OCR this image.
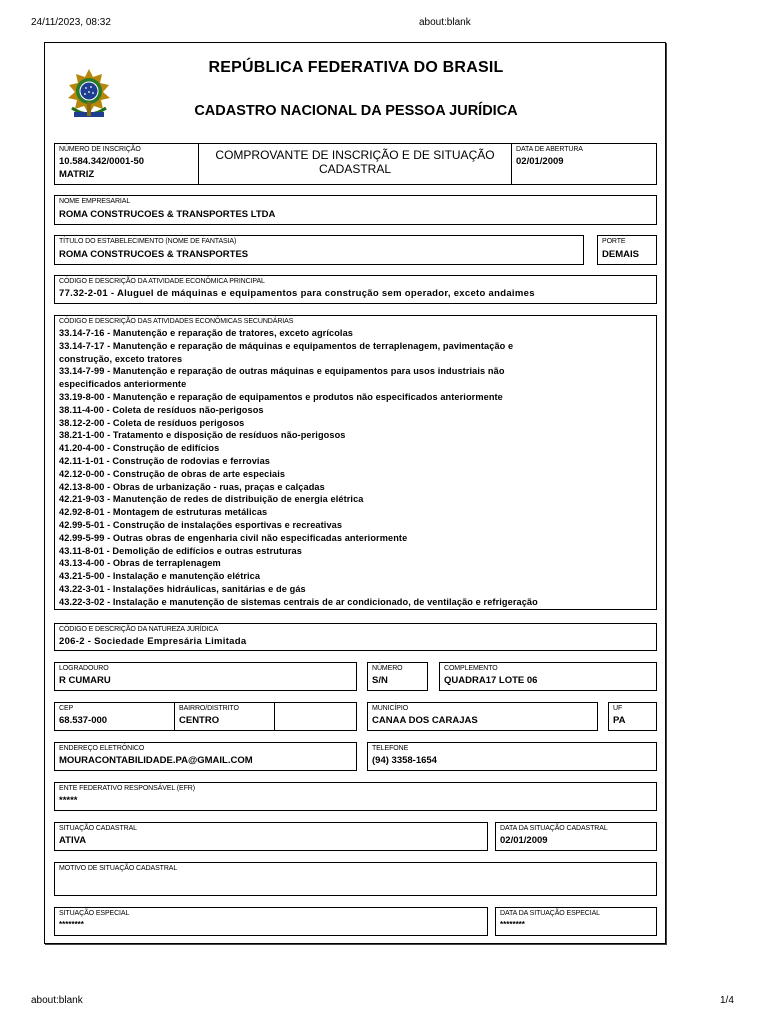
24/11/2023, 08:32	about:blank
REPÚBLICA FEDERATIVA DO BRASIL
CADASTRO NACIONAL DA PESSOA JURÍDICA
NÚMERO DE INSCRIÇÃO
10.584.342/0001-50
MATRIZ
COMPROVANTE DE INSCRIÇÃO E DE SITUAÇÃO CADASTRAL
DATA DE ABERTURA
02/01/2009
NOME EMPRESARIAL
ROMA CONSTRUCOES & TRANSPORTES LTDA
TÍTULO DO ESTABELECIMENTO (NOME DE FANTASIA)
ROMA CONSTRUCOES & TRANSPORTES
PORTE
DEMAIS
CÓDIGO E DESCRIÇÃO DA ATIVIDADE ECONÔMICA PRINCIPAL
77.32-2-01 - Aluguel de máquinas e equipamentos para construção sem operador, exceto andaimes
CÓDIGO E DESCRIÇÃO DAS ATIVIDADES ECONÔMICAS SECUNDÁRIAS
33.14-7-16 - Manutenção e reparação de tratores, exceto agrícolas
33.14-7-17 - Manutenção e reparação de máquinas e equipamentos de terraplenagem, pavimentação e
construção, exceto tratores
33.14-7-99 - Manutenção e reparação de outras máquinas e equipamentos para usos industriais não
especificados anteriormente
33.19-8-00 - Manutenção e reparação de equipamentos e produtos não especificados anteriormente
38.11-4-00 - Coleta de resíduos não-perigosos
38.12-2-00 - Coleta de resíduos perigosos
38.21-1-00 - Tratamento e disposição de resíduos não-perigosos
41.20-4-00 - Construção de edifícios
42.11-1-01 - Construção de rodovias e ferrovias
42.12-0-00 - Construção de obras de arte especiais
42.13-8-00 - Obras de urbanização - ruas, praças e calçadas
42.21-9-03 - Manutenção de redes de distribuição de energia elétrica
42.92-8-01 - Montagem de estruturas metálicas
42.99-5-01 - Construção de instalações esportivas e recreativas
42.99-5-99 - Outras obras de engenharia civil não especificadas anteriormente
43.11-8-01 - Demolição de edifícios e outras estruturas
43.13-4-00 - Obras de terraplenagem
43.21-5-00 - Instalação e manutenção elétrica
43.22-3-01 - Instalações hidráulicas, sanitárias e de gás
43.22-3-02 - Instalação e manutenção de sistemas centrais de ar condicionado, de ventilação e refrigeração
CÓDIGO E DESCRIÇÃO DA NATUREZA JURÍDICA
206-2 - Sociedade Empresária Limitada
LOGRADOURO
R CUMARU
NÚMERO
S/N
COMPLEMENTO
QUADRA17 LOTE 06
CEP
68.537-000
BAIRRO/DISTRITO
CENTRO
MUNICÍPIO
CANAA DOS CARAJAS
UF
PA
ENDEREÇO ELETRÔNICO
MOURACONTABILIDADE.PA@GMAIL.COM
TELEFONE
(94) 3358-1654
ENTE FEDERATIVO RESPONSÁVEL (EFR)
*****
SITUAÇÃO CADASTRAL
ATIVA
DATA DA SITUAÇÃO CADASTRAL
02/01/2009
MOTIVO DE SITUAÇÃO CADASTRAL
SITUAÇÃO ESPECIAL
********
DATA DA SITUAÇÃO ESPECIAL
********
about:blank	1/4
